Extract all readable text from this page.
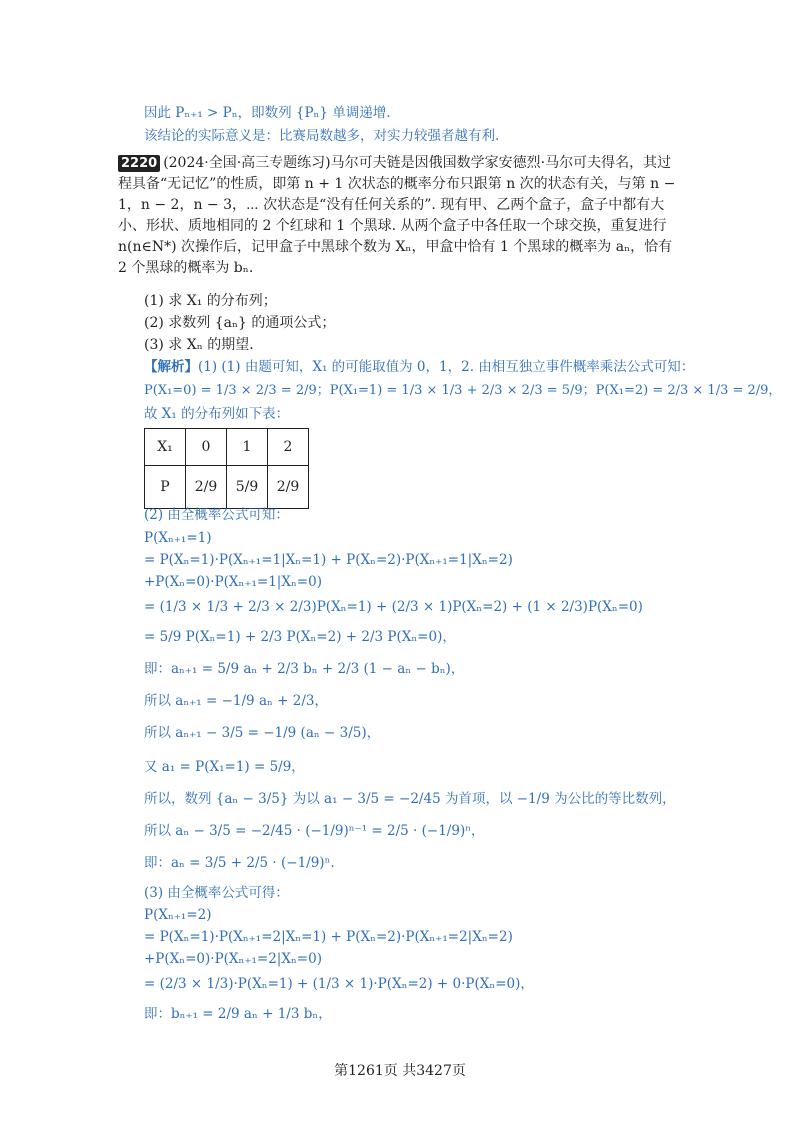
因此 Pₙ₊₁ > Pₙ，即数列 {Pₙ} 单调递增.
该结论的实际意义是：比赛局数越多，对实力较强者越有利.
2220 (2024·全国·高三专题练习)马尔可夫链是因俄国数学家安德烈·马尔可夫得名，其过程具备“无记忆”的性质，即第 n + 1 次状态的概率分布只跟第 n 次的状态有关，与第 n − 1，n − 2，n − 3，⋯ 次状态是“没有任何关系的”. 现有甲、乙两个盒子，盒子中都有大小、形状、质地相同的 2 个红球和 1 个黑球. 从两个盒子中各任取一个球交换，重复进行 n(n∈N*) 次操作后，记甲盒子中黑球个数为 Xₙ，甲盒中恰有 1 个黑球的概率为 aₙ，恰有 2 个黑球的概率为 bₙ.
(1) 求 X₁ 的分布列；
(2) 求数列 {aₙ} 的通项公式；
(3) 求 Xₙ 的期望.
【解析】(1) (1) 由题可知，X₁ 的可能取值为 0，1，2. 由相互独立事件概率乘法公式可知：
P(X₁=0) = 1/3 × 2/3 = 2/9；P(X₁=1) = 1/3 × 1/3 + 2/3 × 2/3 = 5/9；P(X₁=2) = 2/3 × 1/3 = 2/9，
故 X₁ 的分布列如下表：
X₁	0	1	2
P	2/9	5/9	2/9
(2) 由全概率公式可知：
P(Xₙ₊₁=1)
= P(Xₙ=1)·P(Xₙ₊₁=1|Xₙ=1) + P(Xₙ=2)·P(Xₙ₊₁=1|Xₙ=2)
+P(Xₙ=0)·P(Xₙ₊₁=1|Xₙ=0)
= (1/3 × 1/3 + 2/3 × 2/3)P(Xₙ=1) + (2/3 × 1)P(Xₙ=2) + (1 × 2/3)P(Xₙ=0)
= 5/9 P(Xₙ=1) + 2/3 P(Xₙ=2) + 2/3 P(Xₙ=0)，
即：aₙ₊₁ = 5/9 aₙ + 2/3 bₙ + 2/3 (1 − aₙ − bₙ)，
所以 aₙ₊₁ = −1/9 aₙ + 2/3，
所以 aₙ₊₁ − 3/5 = −1/9 (aₙ − 3/5)，
又 a₁ = P(X₁=1) = 5/9，
所以，数列 {aₙ − 3/5} 为以 a₁ − 3/5 = −2/45 为首项，以 −1/9 为公比的等比数列，
所以 aₙ − 3/5 = −2/45 · (−1/9)ⁿ⁻¹ = 2/5 · (−1/9)ⁿ，
即：aₙ = 3/5 + 2/5 · (−1/9)ⁿ.
(3) 由全概率公式可得：
P(Xₙ₊₁=2)
= P(Xₙ=1)·P(Xₙ₊₁=2|Xₙ=1) + P(Xₙ=2)·P(Xₙ₊₁=2|Xₙ=2)
+P(Xₙ=0)·P(Xₙ₊₁=2|Xₙ=0)
= (2/3 × 1/3)·P(Xₙ=1) + (1/3 × 1)·P(Xₙ=2) + 0·P(Xₙ=0)，
即：bₙ₊₁ = 2/9 aₙ + 1/3 bₙ，
第1261页 共3427页
